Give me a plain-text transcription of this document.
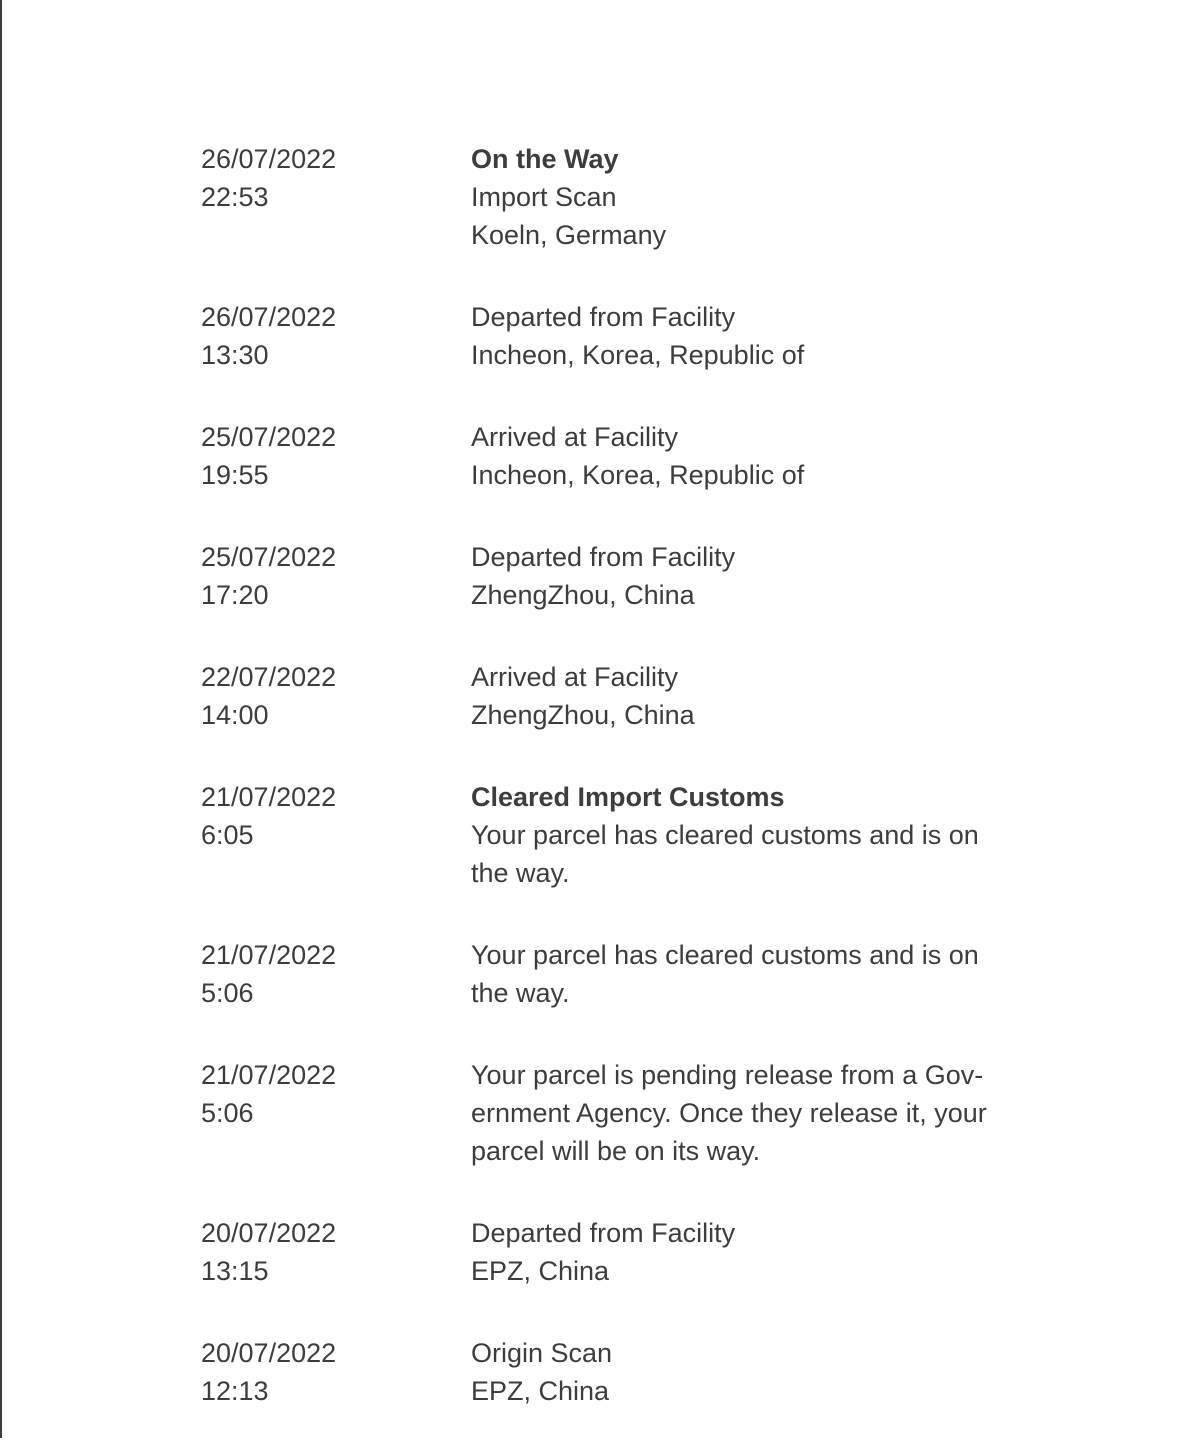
26/07/2022
22:53
On the Way
Import Scan
Koeln, Germany
26/07/2022
13:30
Departed from Facility
Incheon, Korea, Republic of
25/07/2022
19:55
Arrived at Facility
Incheon, Korea, Republic of
25/07/2022
17:20
Departed from Facility
ZhengZhou, China
22/07/2022
14:00
Arrived at Facility
ZhengZhou, China
21/07/2022
6:05
Cleared Import Customs
Your parcel has cleared customs and is on the way.
21/07/2022
5:06
Your parcel has cleared customs and is on the way.
21/07/2022
5:06
Your parcel is pending release from a Gov-ernment Agency. Once they release it, your parcel will be on its way.
20/07/2022
13:15
Departed from Facility
EPZ, China
20/07/2022
12:13
Origin Scan
EPZ, China
